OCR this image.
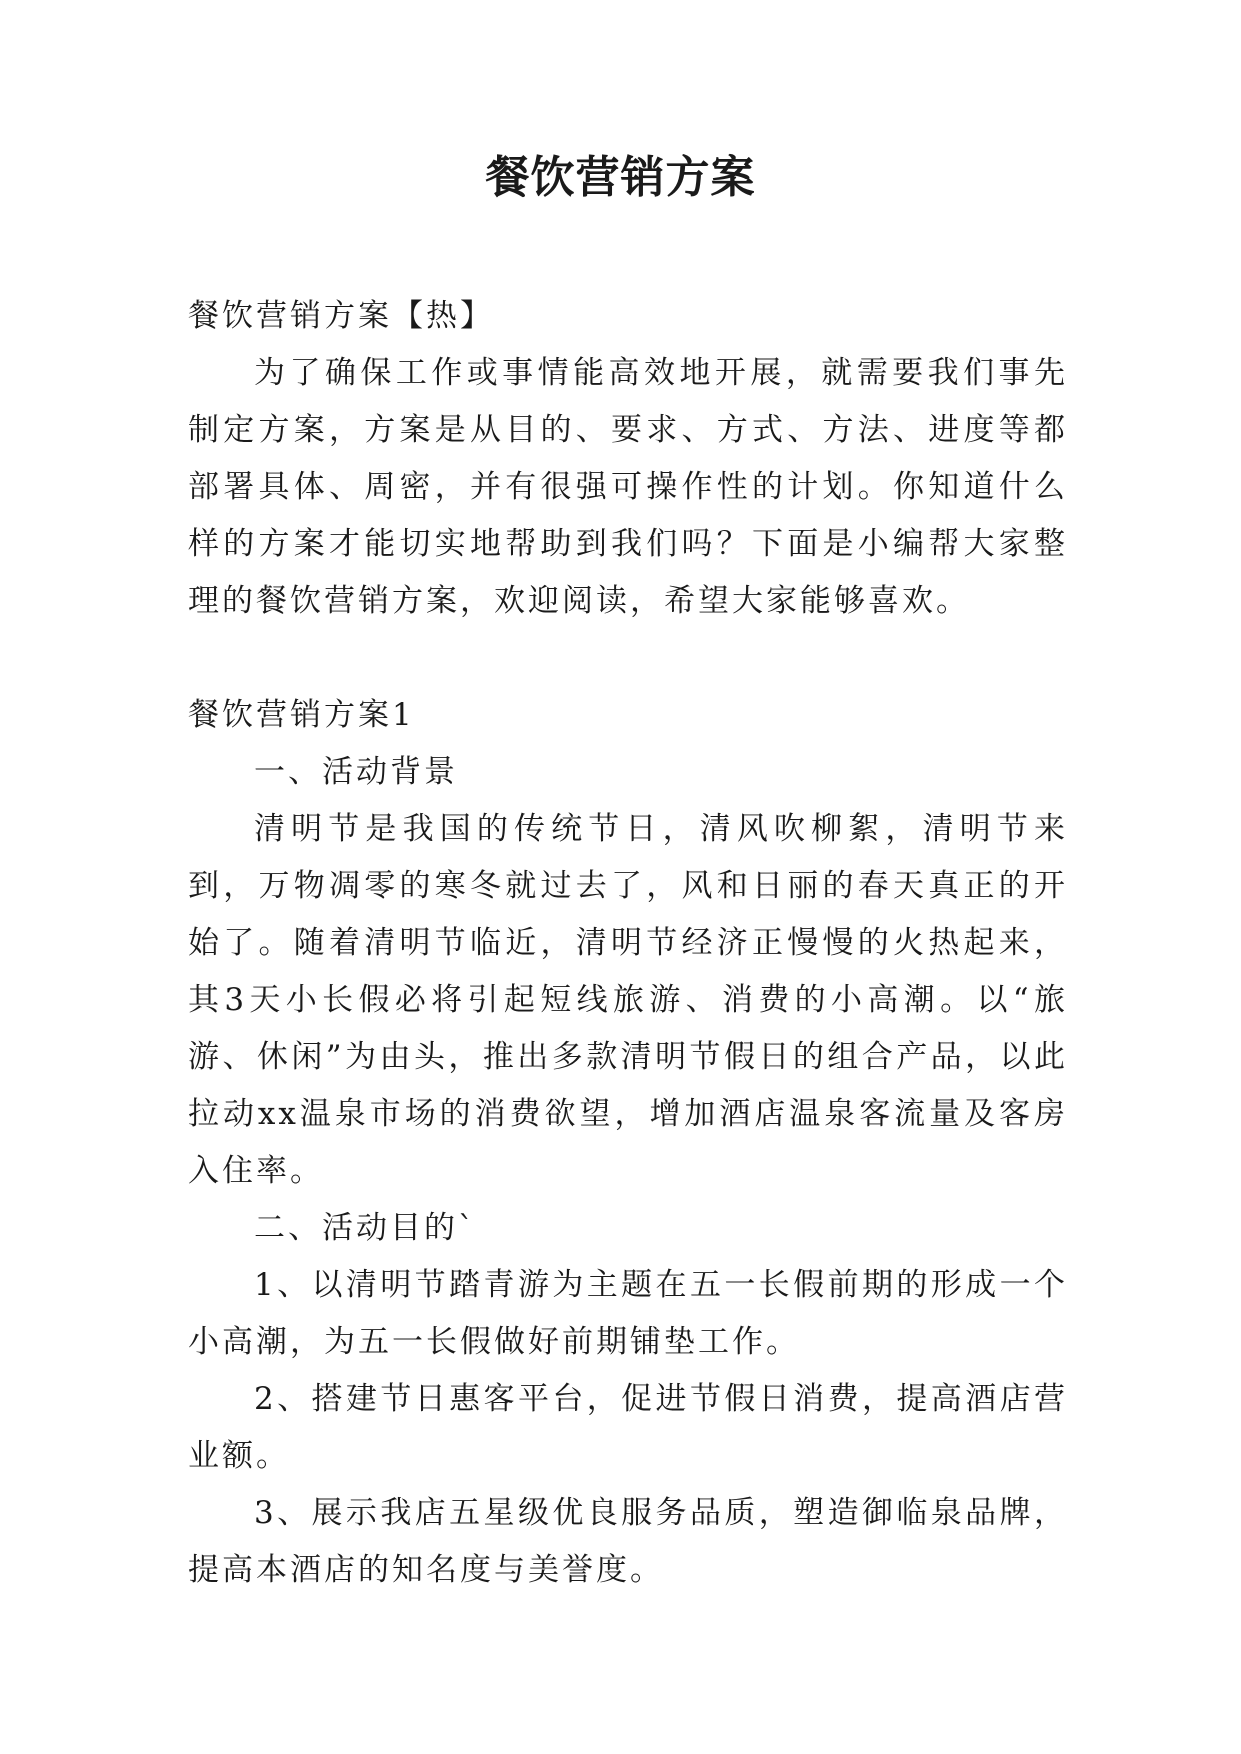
餐饮营销方案

餐饮营销方案【热】

为了确保工作或事情能高效地开展，就需要我们事先制定方案，方案是从目的、要求、方式、方法、进度等都部署具体、周密，并有很强可操作性的计划。你知道什么样的方案才能切实地帮助到我们吗？下面是小编帮大家整理的餐饮营销方案，欢迎阅读，希望大家能够喜欢。

餐饮营销方案1

一、活动背景

清明节是我国的传统节日，清风吹柳絮，清明节来到，万物凋零的寒冬就过去了，风和日丽的春天真正的开始了。随着清明节临近，清明节经济正慢慢的火热起来，其3天小长假必将引起短线旅游、消费的小高潮。以“旅游、休闲”为由头，推出多款清明节假日的组合产品，以此拉动xx温泉市场的消费欲望，增加酒店温泉客流量及客房入住率。

二、活动目的`

1、以清明节踏青游为主题在五一长假前期的形成一个小高潮，为五一长假做好前期铺垫工作。

2、搭建节日惠客平台，促进节假日消费，提高酒店营业额。

3、展示我店五星级优良服务品质，塑造御临泉品牌，提高本酒店的知名度与美誉度。
